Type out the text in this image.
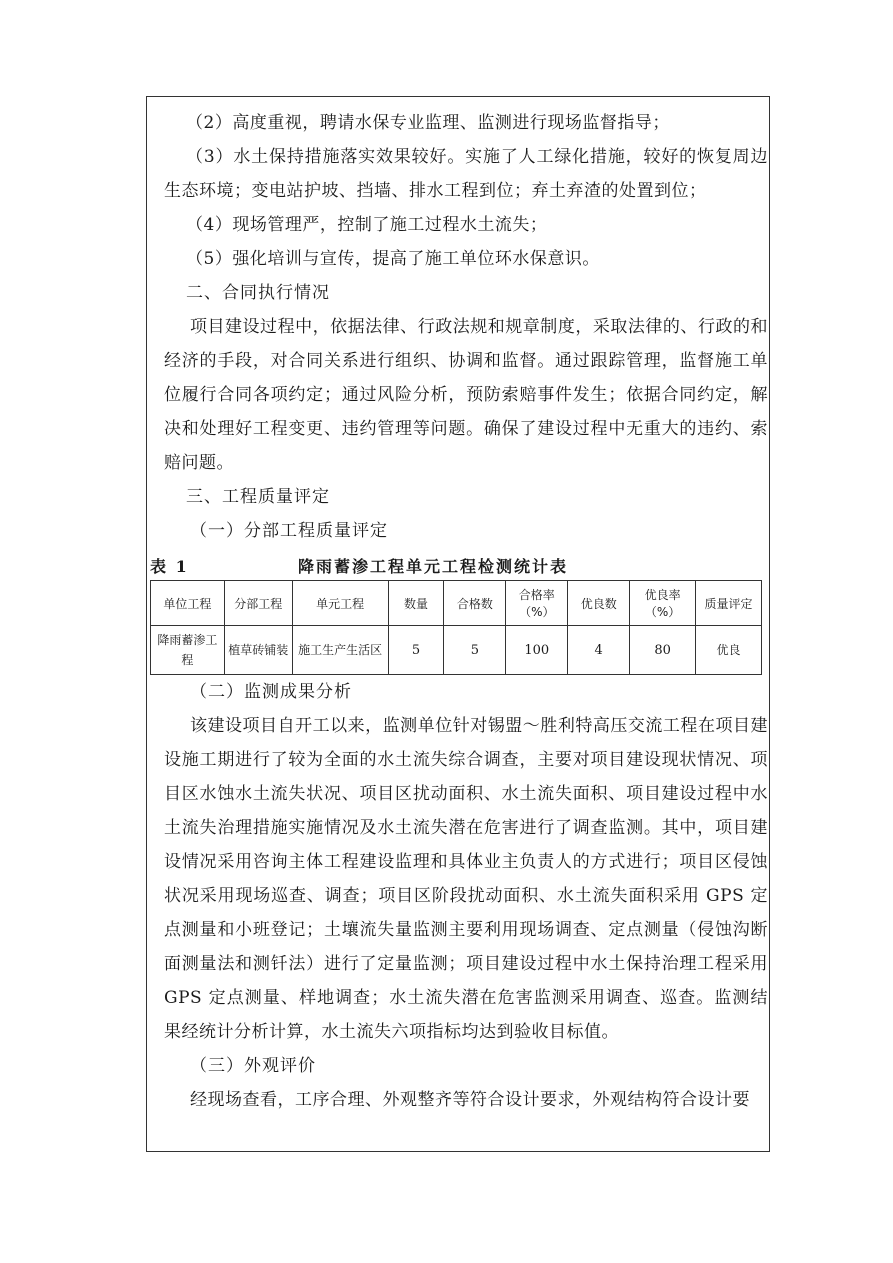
（2）高度重视，聘请水保专业监理、监测进行现场监督指导；

（3）水土保持措施落实效果较好。实施了人工绿化措施，较好的恢复周边生态环境；变电站护坡、挡墙、排水工程到位；弃土弃渣的处置到位；

（4）现场管理严，控制了施工过程水土流失；

（5）强化培训与宣传，提高了施工单位环水保意识。

二、合同执行情况

项目建设过程中，依据法律、行政法规和规章制度，采取法律的、行政的和经济的手段，对合同关系进行组织、协调和监督。通过跟踪管理，监督施工单位履行合同各项约定；通过风险分析，预防索赔事件发生；依据合同约定，解决和处理好工程变更、违约管理等问题。确保了建设过程中无重大的违约、索赔问题。

三、工程质量评定

（一）分部工程质量评定

表 1	降雨蓄渗工程单元工程检测统计表
单位工程	分部工程	单元工程	数量	合格数	合格率（%）	优良数	优良率（%）	质量评定
降雨蓄渗工程	植草砖铺装	施工生产生活区	5	5	100	4	80	优良

（二）监测成果分析

该建设项目自开工以来，监测单位针对锡盟～胜利特高压交流工程在项目建设施工期进行了较为全面的水土流失综合调查，主要对项目建设现状情况、项目区水蚀水土流失状况、项目区扰动面积、水土流失面积、项目建设过程中水土流失治理措施实施情况及水土流失潜在危害进行了调查监测。其中，项目建设情况采用咨询主体工程建设监理和具体业主负责人的方式进行；项目区侵蚀状况采用现场巡查、调查；项目区阶段扰动面积、水土流失面积采用 GPS 定点测量和小班登记；土壤流失量监测主要利用现场调查、定点测量（侵蚀沟断面测量法和测钎法）进行了定量监测；项目建设过程中水土保持治理工程采用 GPS 定点测量、样地调查；水土流失潜在危害监测采用调查、巡查。监测结果经统计分析计算，水土流失六项指标均达到验收目标值。

（三）外观评价

经现场查看，工序合理、外观整齐等符合设计要求，外观结构符合设计要
